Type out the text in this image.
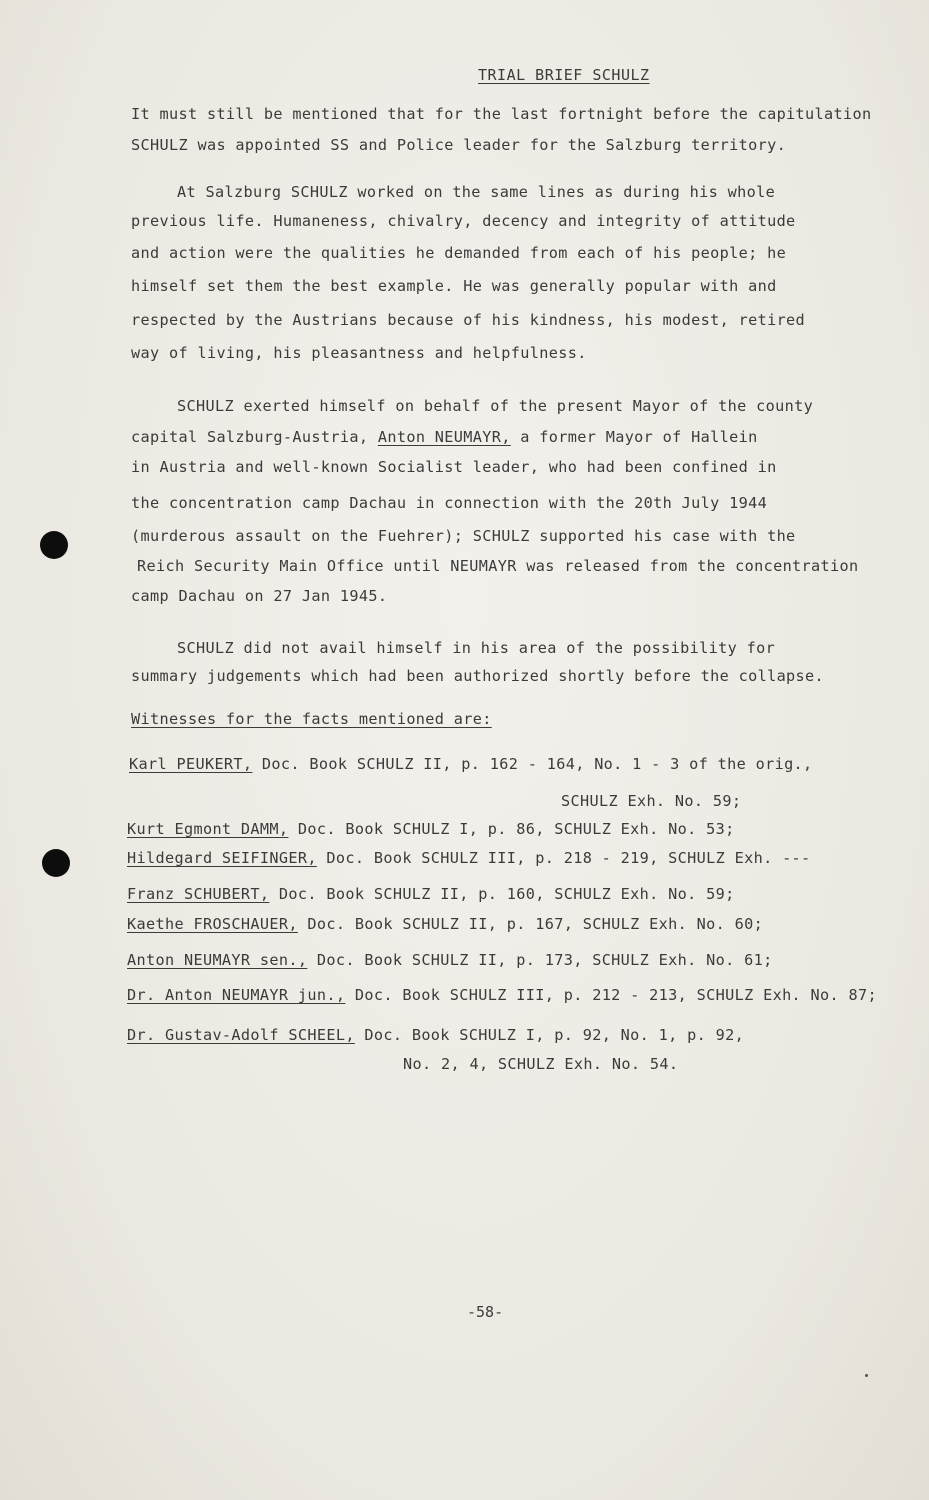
TRIAL BRIEF SCHULZ
It must still be mentioned that for the last fortnight before the capitulation
SCHULZ was appointed SS and Police leader for the Salzburg territory.
At Salzburg SCHULZ worked on the same lines as during his whole
previous life. Humaneness, chivalry, decency and integrity of attitude
and action were the qualities he demanded from each of his people; he
himself set them the best example. He was generally popular with and
respected by the Austrians because of his kindness, his modest, retired
way of living, his pleasantness and helpfulness.
SCHULZ exerted himself on behalf of the present Mayor of the county
capital Salzburg-Austria, Anton NEUMAYR, a former Mayor of Hallein
in Austria and well-known Socialist leader, who had been confined in
the concentration camp Dachau in connection with the 20th July 1944
(murderous assault on the Fuehrer); SCHULZ supported his case with the
Reich Security Main Office until NEUMAYR was released from the concentration
camp Dachau on 27 Jan 1945.
SCHULZ did not avail himself in his area of the possibility for
summary judgements which had been authorized shortly before the collapse.
Witnesses for the facts mentioned are:
Karl PEUKERT, Doc. Book SCHULZ II, p. 162 - 164, No. 1 - 3 of the orig.,
SCHULZ Exh. No. 59;
Kurt Egmont DAMM, Doc. Book SCHULZ I, p. 86, SCHULZ Exh. No. 53;
Hildegard SEIFINGER, Doc. Book SCHULZ III, p. 218 - 219, SCHULZ Exh. ---
Franz SCHUBERT, Doc. Book SCHULZ II, p. 160, SCHULZ Exh. No. 59;
Kaethe FROSCHAUER, Doc. Book SCHULZ II, p. 167, SCHULZ Exh. No. 60;
Anton NEUMAYR sen., Doc. Book SCHULZ II, p. 173, SCHULZ Exh. No. 61;
Dr. Anton NEUMAYR jun., Doc. Book SCHULZ III, p. 212 - 213, SCHULZ Exh. No. 87;
Dr. Gustav-Adolf SCHEEL, Doc. Book SCHULZ I, p. 92, No. 1, p. 92,
No. 2, 4, SCHULZ Exh. No. 54.
-58-
